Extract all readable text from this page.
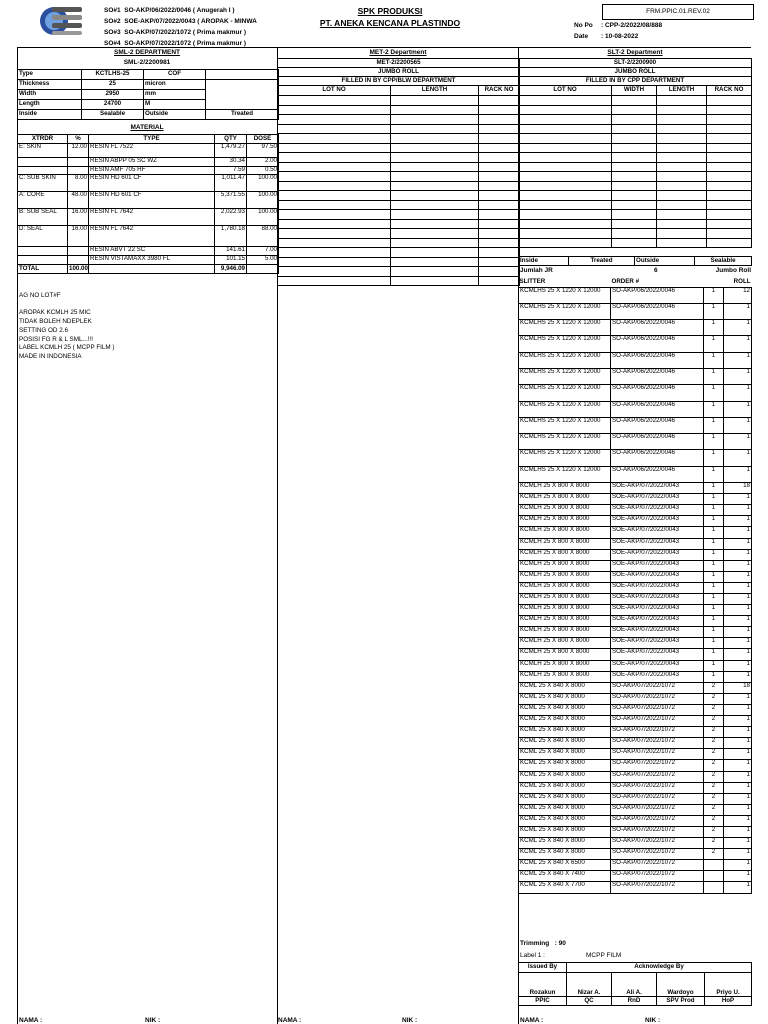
SO#1 SO-AKP/06/2022/0046 ( Anugerah I )
SO#2 SOE-AKP/07/2022/0043 ( AROPAK - MINWA
SO#3 SO-AKP/07/2022/1072 ( Prima makmur )
SO#4 SO-AKP/07/2022/1072 ( Prima makmur )
SPK PRODUKSI
PT. ANEKA KENCANA PLASTINDO
FRM.PPIC.01.REV.02
No Po : CPP-2/2022/08/888
Date : 10-08-2022
SML-2 DEPARTMENT
SML-2/2200981
Type	KCTLHS-25	COF	
Thickness	25	micron	
Width	2950	mm	
Length	24700	M	
Inside	Sealable	Outside	Treated
MATERIAL
XTRDR	%	TYPE	QTY	DOSE
E: SKIN	12.00	RESIN FL 7522	1,479.27	97.50
		RESIN ABPP 05 SC WZ	30.34	2.00
		RESIN AMF 705 HF	7.59	0.50
C: SUB SKIN	8.00	RESIN HD 601 CF	1,011.47	100.00
A: CORE	48.00	RESIN HD 601 CF	5,371.55	100.00
B: SUB SEAL	16.00	RESIN FL 7642	2,022.93	100.00
D: SEAL	16.00	RESIN FL 7642	1,780.18	88.00
		RESIN ABVT 22 SC	141.61	7.00
		RESIN VISTAMAXX 3980 FL	101.15	5.00
TOTAL	100.00		9,946.09	
AG NO LOT#F
AROPAK KCMLH 25 MIC
TIDAK BOLEH NDEPLEK
SETTING OD 2.6
POSISI FG R & L SML...!!!
LABEL KCMLH 25 ( MCPP FILM )
MADE IN INDONESIA
MET-2 Department
MET-2/2200565		
JUMBO ROLL		
FILLED IN BY CPP/BLW DEPARTMENT		
LOT NO	LENGTH	RACK NO

SLT-2 Department
SLT-2/2200900			
JUMBO ROLL			
FILLED IN BY CPP DEPARTMENT			
LOT NO	WIDTH	LENGTH	RACK NO

Inside	Treated	Outside	Sealable
Jumlah JR	6	Jumbo Roll
SLITTER	ORDER #		ROLL
KCMLHS 25 X 1220 X 12000	SO-AKP/06/2022/0046	1	12
KCMLHS 25 X 1220 X 12000	SO-AKP/06/2022/0046	1	1
KCMLHS 25 X 1220 X 12000	SO-AKP/06/2022/0046	1	1
KCMLHS 25 X 1220 X 12000	SO-AKP/06/2022/0046	1	1
KCMLHS 25 X 1220 X 12000	SO-AKP/06/2022/0046	1	1
KCMLHS 25 X 1220 X 12000	SO-AKP/06/2022/0046	1	1
KCMLHS 25 X 1220 X 12000	SO-AKP/06/2022/0046	1	1
KCMLHS 25 X 1220 X 12000	SO-AKP/06/2022/0046	1	1
KCMLHS 25 X 1220 X 12000	SO-AKP/06/2022/0046	1	1
KCMLHS 25 X 1220 X 12000	SO-AKP/06/2022/0046	1	1
KCMLHS 25 X 1220 X 12000	SO-AKP/06/2022/0046	1	1
KCMLHS 25 X 1220 X 12000	SO-AKP/06/2022/0046	1	1
KCMLH 25 X 800 X 8000	SOE-AKP/07/2022/0043	1	18
KCMLH 25 X 800 X 8000	SOE-AKP/07/2022/0043	1	1
KCMLH 25 X 800 X 8000	SOE-AKP/07/2022/0043	1	1
KCMLH 25 X 800 X 8000	SOE-AKP/07/2022/0043	1	1
KCMLH 25 X 800 X 8000	SOE-AKP/07/2022/0043	1	1
KCMLH 25 X 800 X 8000	SOE-AKP/07/2022/0043	1	1
KCMLH 25 X 800 X 8000	SOE-AKP/07/2022/0043	1	1
KCMLH 25 X 800 X 8000	SOE-AKP/07/2022/0043	1	1
KCMLH 25 X 800 X 8000	SOE-AKP/07/2022/0043	1	1
KCMLH 25 X 800 X 8000	SOE-AKP/07/2022/0043	1	1
KCMLH 25 X 800 X 8000	SOE-AKP/07/2022/0043	1	1
KCMLH 25 X 800 X 8000	SOE-AKP/07/2022/0043	1	1
KCMLH 25 X 800 X 8000	SOE-AKP/07/2022/0043	1	1
KCMLH 25 X 800 X 8000	SOE-AKP/07/2022/0043	1	1
KCMLH 25 X 800 X 8000	SOE-AKP/07/2022/0043	1	1
KCMLH 25 X 800 X 8000	SOE-AKP/07/2022/0043	1	1
KCMLH 25 X 800 X 8000	SOE-AKP/07/2022/0043	1	1
KCMLH 25 X 800 X 8000	SOE-AKP/07/2022/0043	1	1
KCML 25 X 840 X 8000	SO-AKP/07/2022/1072	2	18
KCML 25 X 840 X 8000	SO-AKP/07/2022/1072	2	1
KCML 25 X 840 X 8000	SO-AKP/07/2022/1072	2	1
KCML 25 X 840 X 8000	SO-AKP/07/2022/1072	2	1
KCML 25 X 840 X 8000	SO-AKP/07/2022/1072	2	1
KCML 25 X 840 X 8000	SO-AKP/07/2022/1072	2	1
KCML 25 X 840 X 8000	SO-AKP/07/2022/1072	2	1
KCML 25 X 840 X 8000	SO-AKP/07/2022/1072	2	1
KCML 25 X 840 X 8000	SO-AKP/07/2022/1072	2	1
KCML 25 X 840 X 8000	SO-AKP/07/2022/1072	2	1
KCML 25 X 840 X 8000	SO-AKP/07/2022/1072	2	1
KCML 25 X 840 X 8000	SO-AKP/07/2022/1072	2	1
KCML 25 X 840 X 8000	SO-AKP/07/2022/1072	2	1
KCML 25 X 840 X 8000	SO-AKP/07/2022/1072	2	1
KCML 25 X 840 X 8000	SO-AKP/07/2022/1072	2	1
KCML 25 X 840 X 8000	SO-AKP/07/2022/1072	2	1
KCML 25 X 840 X 6500	SO-AKP/07/2022/1072		1
KCML 25 X 840 X 7400	SO-AKP/07/2022/1072		1
KCML 25 X 840 X 7700	SO-AKP/07/2022/1072		1
Trimming : 90
Label 1 :	MCPP FILM
Issued By	Acknowledge By			
Rozakun	Nizar A.	Ali A.	Wardoyo	Priyo U.
PPIC	QC	RnD	SPV Prod	HoP
NAMA :	NIK :	NAMA :	NIK :	NAMA :	NIK :
